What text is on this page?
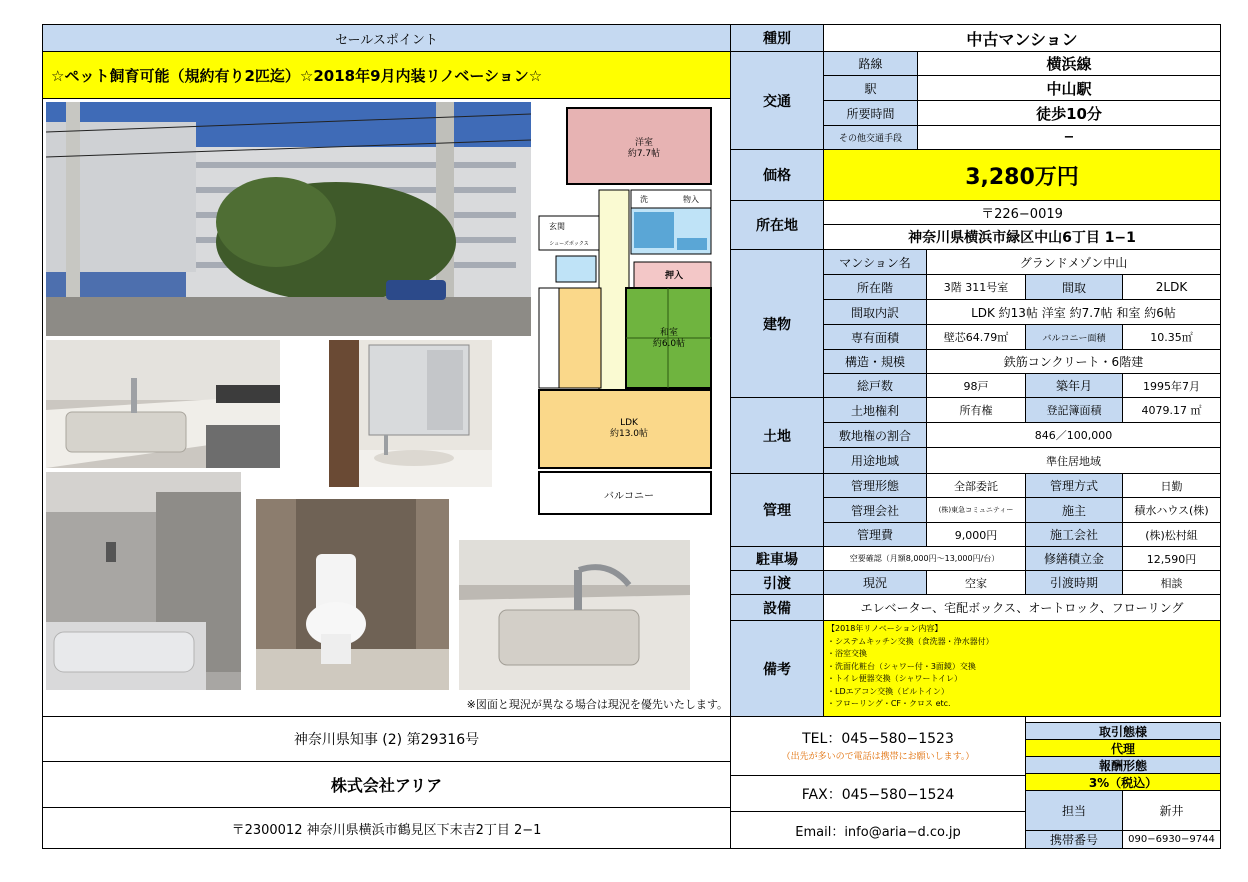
セールスポイント
☆ペット飼育可能（規約有り2匹迄）☆2018年9月内装リノベーション☆
洋室
約7.7帖
洗	物入
玄関
シューズボックス
押入
和室
約6.0帖
LDK
約13.0帖
バルコニー
※図面と現況が異なる場合は現況を優先いたします。
種別	中古マンション
交通
路線	横浜線
駅	中山駅
所要時間	徒歩10分
その他交通手段	−
価格	3,280万円
所在地
〒226−0019
神奈川県横浜市緑区中山6丁目 1−1
建物
マンション名	グランドメゾン中山
所在階	3階 311号室	間取	2LDK
間取内訳	LDK 約13帖 洋室 約7.7帖 和室 約6帖
専有面積	壁芯64.79㎡	バルコニー面積	10.35㎡
構造・規模	鉄筋コンクリート・6階建
総戸数	98戸	築年月	1995年7月
土地
土地権利	所有権	登記簿面積	4079.17 ㎡
敷地権の割合	846／100,000
用途地域	準住居地域
管理
管理形態	全部委託	管理方式	日勤
管理会社	(株)東急コミュニティー	施主	積水ハウス(株)
管理費	9,000円	施工会社	(株)松村組
駐車場	空要確認（月額8,000円〜13,000円/台）	修繕積立金	12,590円
引渡	現況	空家	引渡時期	相談
設備	エレベーター、宅配ボックス、オートロック、フローリング
備考
【2018年リノベーション内容】
・システムキッチン交換（食洗器・浄水器付）
・浴室交換
・洗面化粧台（シャワー付・3面鏡）交換
・トイレ便器交換（シャワートイレ）
・LDエアコン交換（ビルトイン）
・フローリング・CF・クロス etc.
神奈川県知事 (2) 第29316号
株式会社アリア
〒2300012 神奈川県横浜市鶴見区下末吉2丁目 2−1
TEL：045−580−1523
（出先が多いので電話は携帯にお願いします。）
FAX：045−580−1524
Email：info@aria−d.co.jp
取引態様
代理
報酬形態
3%（税込）
担当	新井
携帯番号	090−6930−9744
